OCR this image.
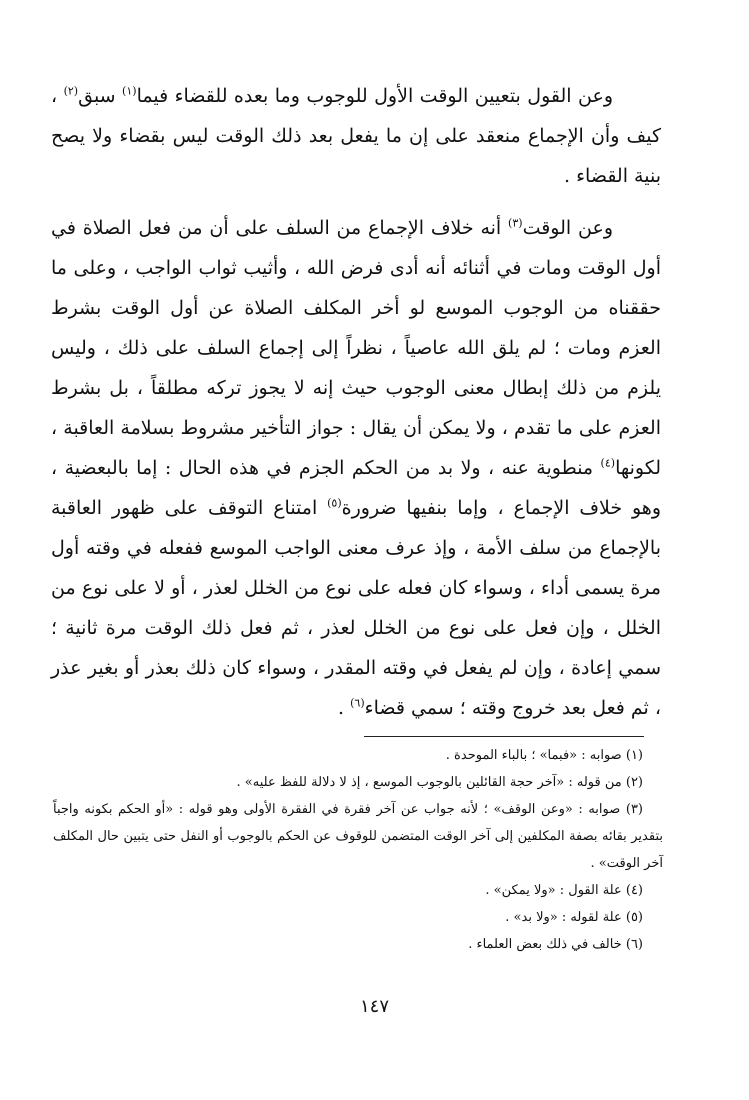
وعن القول بتعيين الوقت الأول للوجوب وما بعده للقضاء فيما$^{(١)}$ سبق$^{(٢)}$ ، كيف وأن الإجماع منعقد على إن ما يفعل بعد ذلك الوقت ليس بقضاء ولا يصح بنية القضاء .

وعن الوقت$^{(٣)}$ أنه خلاف الإجماع من السلف على أن من فعل الصلاة في أول الوقت ومات في أثنائه أنه أدى فرض الله ، وأثيب ثواب الواجب ، وعلى ما حققناه من الوجوب الموسع لو أخر المكلف الصلاة عن أول الوقت بشرط العزم ومات ؛ لم يلق الله عاصياً ، نظراً إلى إجماع السلف على ذلك ، وليس يلزم من ذلك إبطال معنى الوجوب حيث إنه لا يجوز تركه مطلقاً ، بل بشرط العزم على ما تقدم ، ولا يمكن أن يقال : جواز التأخير مشروط بسلامة العاقبة ، لكونها$^{(٤)}$ منطوية عنه ، ولا بد من الحكم الجزم في هذه الحال : إما بالبعضية ، وهو خلاف الإجماع ، وإما بنفيها ضرورة$^{(٥)}$ امتناع التوقف على ظهور العاقبة بالإجماع من سلف الأمة ، وإذ عرف معنى الواجب الموسع ففعله في وقته أول مرة يسمى أداء ، وسواء كان فعله على نوع من الخلل لعذر ، أو لا على نوع من الخلل ، وإن فعل على نوع من الخلل لعذر ، ثم فعل ذلك الوقت مرة ثانية ؛ سمي إعادة ، وإن لم يفعل في وقته المقدر ، وسواء كان ذلك بعذر أو بغير عذر ، ثم فعل بعد خروج وقته ؛ سمي قضاء$^{(٦)}$ .

(١) صوابه : «فبما» ؛ بالباء الموحدة .

(٢) من قوله : «آخر حجة القائلين بالوجوب الموسع ، إذ لا دلالة للفظ عليه» .

(٣) صوابه : «وعن الوقف» ؛ لأنه جواب عن آخر فقرة في الفقرة الأولى وهو قوله : «أو الحكم بكونه واجباً بتقدير بقائه بصفة المكلفين إلى آخر الوقت المتضمن للوقوف عن الحكم بالوجوب أو النفل حتى يتبين حال المكلف آخر الوقت» .

(٤) علة القول : «ولا يمكن» .

(٥) علة لقوله : «ولا بد» .

(٦) خالف في ذلك بعض العلماء .

١٤٧
